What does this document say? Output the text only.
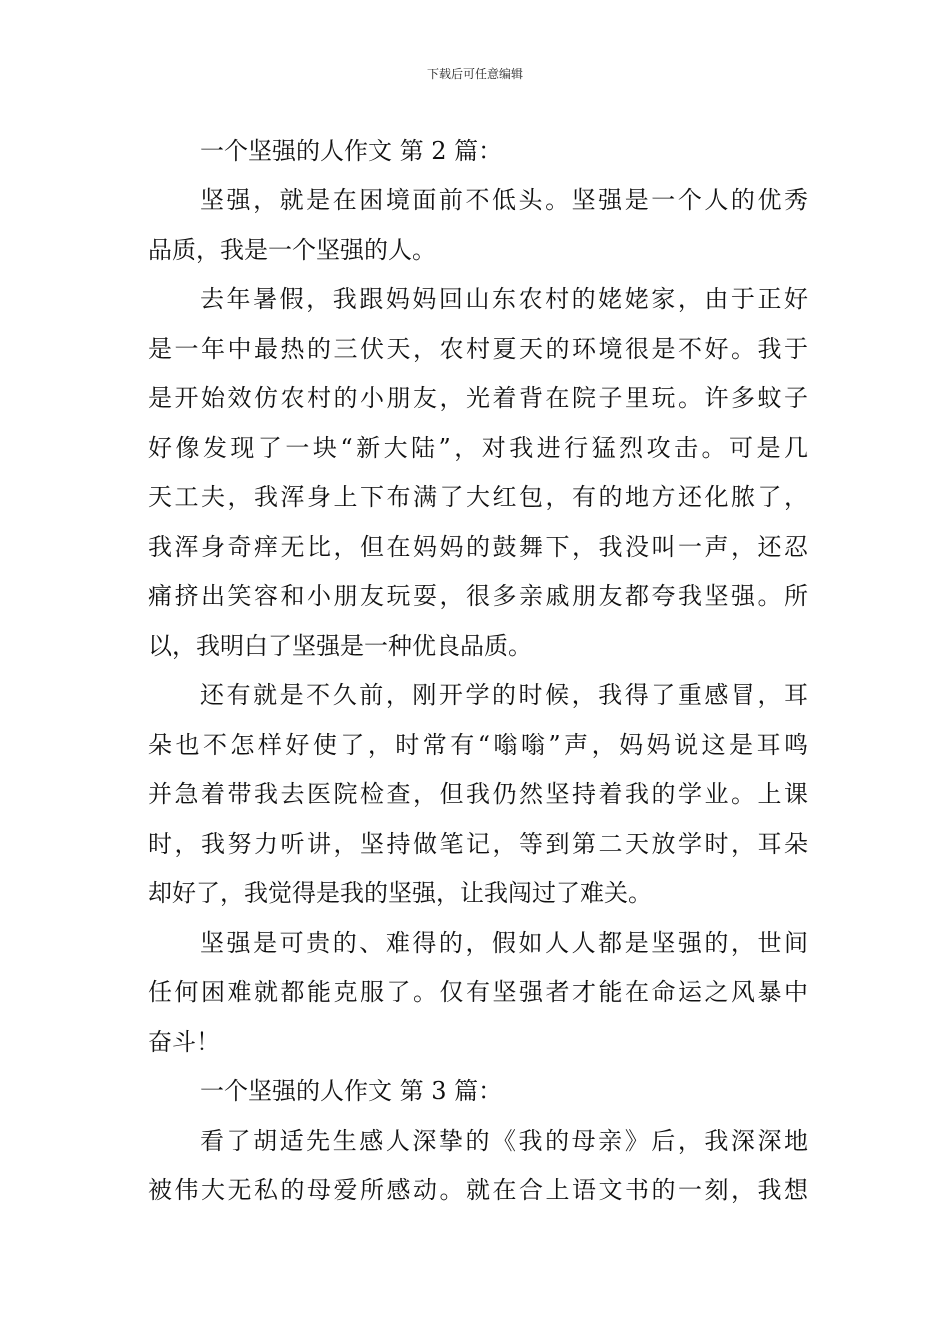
下载后可任意编辑
一个坚强的人作文 第 2 篇：
坚强，就是在困境面前不低头。坚强是一个人的优秀
品质，我是一个坚强的人。
去年暑假，我跟妈妈回山东农村的姥姥家，由于正好
是一年中最热的三伏天，农村夏天的环境很是不好。我于
是开始效仿农村的小朋友，光着背在院子里玩。许多蚊子
好像发现了一块“新大陆”，对我进行猛烈攻击。可是几
天工夫，我浑身上下布满了大红包，有的地方还化脓了，
我浑身奇痒无比，但在妈妈的鼓舞下，我没叫一声，还忍
痛挤出笑容和小朋友玩耍，很多亲戚朋友都夸我坚强。所
以，我明白了坚强是一种优良品质。
还有就是不久前，刚开学的时候，我得了重感冒，耳
朵也不怎样好使了，时常有“嗡嗡”声，妈妈说这是耳鸣
并急着带我去医院检查，但我仍然坚持着我的学业。上课
时，我努力听讲，坚持做笔记，等到第二天放学时，耳朵
却好了，我觉得是我的坚强，让我闯过了难关。
坚强是可贵的、难得的，假如人人都是坚强的，世间
任何困难就都能克服了。仅有坚强者才能在命运之风暴中
奋斗！
一个坚强的人作文 第 3 篇：
看了胡适先生感人深挚的《我的母亲》后，我深深地
被伟大无私的母爱所感动。就在合上语文书的一刻，我想
